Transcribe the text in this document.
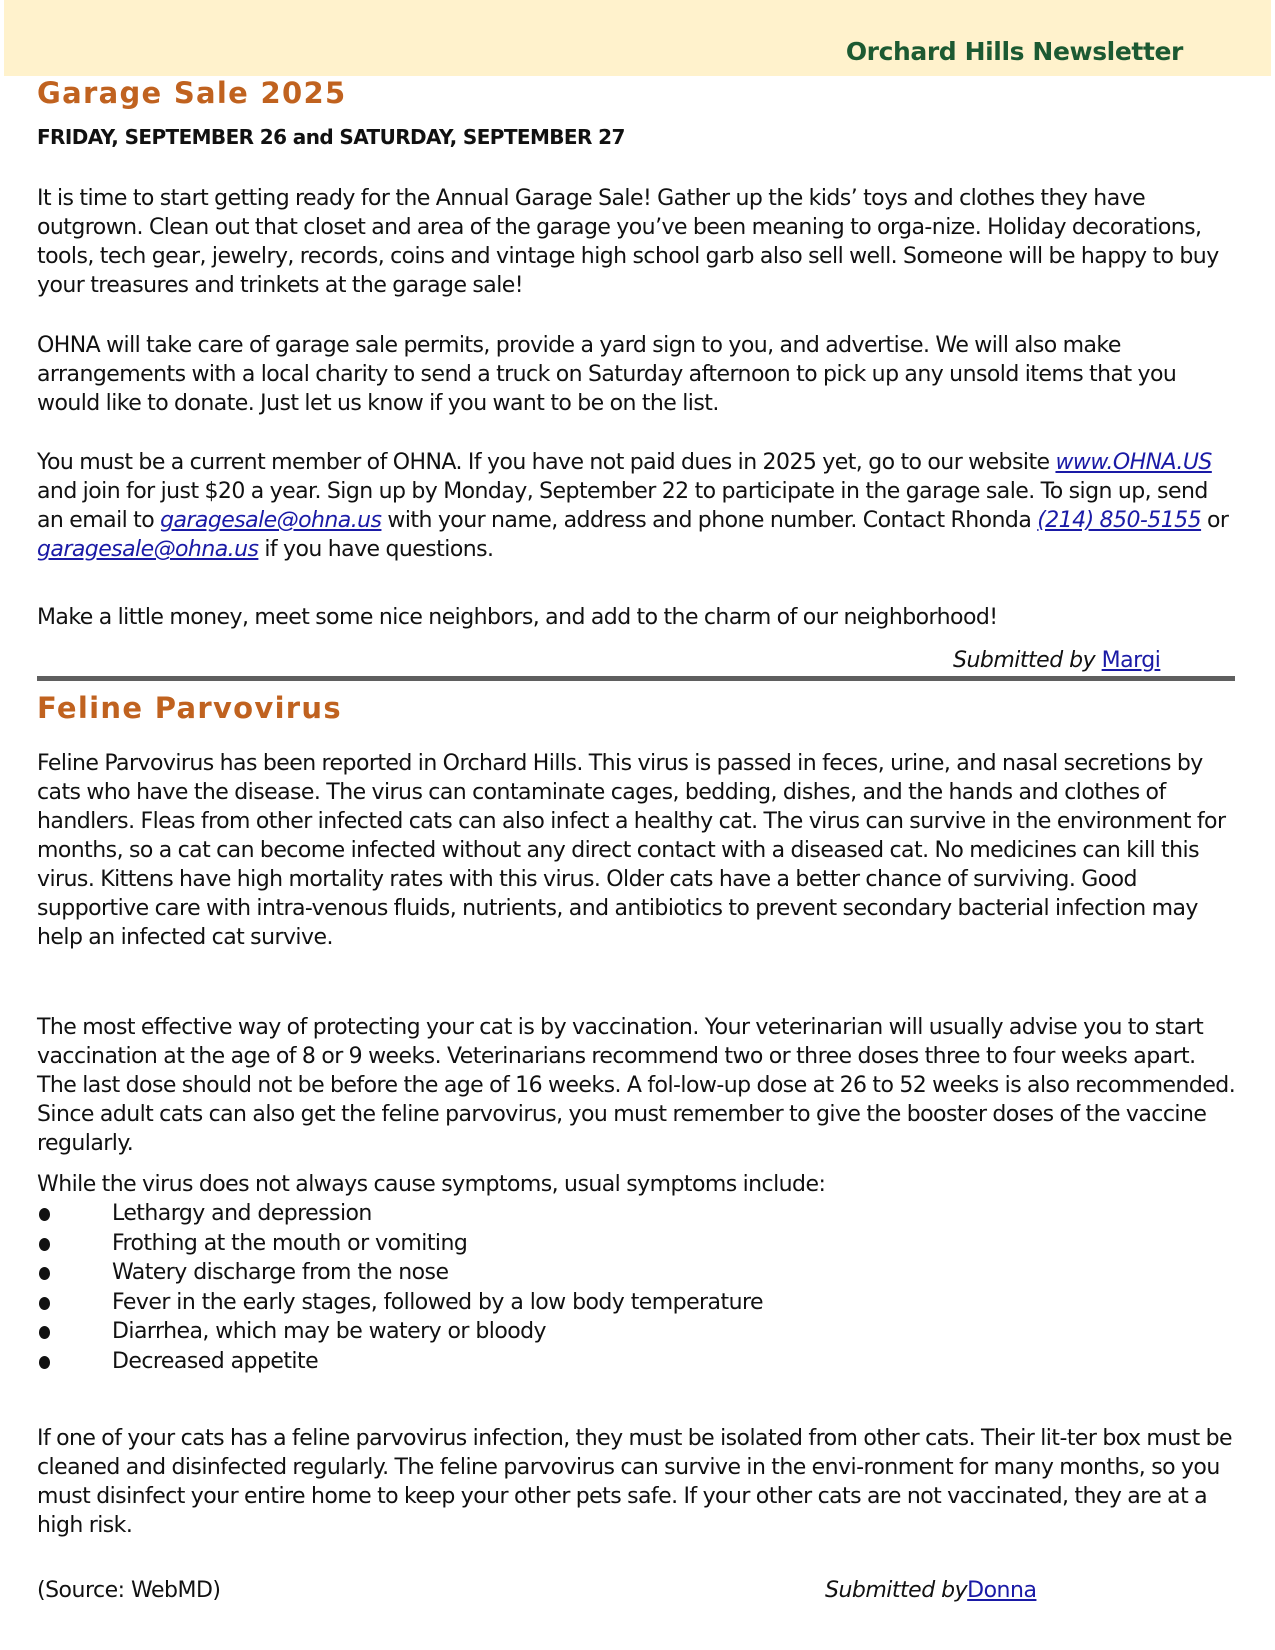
Orchard Hills Newsletter
Garage Sale 2025
FRIDAY, SEPTEMBER 26 and SATURDAY, SEPTEMBER 27

It is time to start getting ready for the Annual Garage Sale! Gather up the kids’ toys and clothes they have outgrown. Clean out that closet and area of the garage you’ve been meaning to orga-nize. Holiday decorations, tools, tech gear, jewelry, records, coins and vintage high school garb also sell well. Someone will be happy to buy your treasures and trinkets at the garage sale!

OHNA will take care of garage sale permits, provide a yard sign to you, and advertise. We will also make arrangements with a local charity to send a truck on Saturday afternoon to pick up any unsold items that you would like to donate. Just let us know if you want to be on the list.

You must be a current member of OHNA. If you have not paid dues in 2025 yet, go to our website www.OHNA.US and join for just $20 a year. Sign up by Monday, September 22 to participate in the garage sale. To sign up, send an email to garagesale@ohna.us with your name, address and phone number. Contact Rhonda (214) 850-5155 or garagesale@ohna.us if you have questions.

Make a little money, meet some nice neighbors, and add to the charm of our neighborhood!

Submitted by Margi
Feline Parvovirus

Feline Parvovirus has been reported in Orchard Hills. This virus is passed in feces, urine, and nasal secretions by cats who have the disease. The virus can contaminate cages, bedding, dishes, and the hands and clothes of handlers. Fleas from other infected cats can also infect a healthy cat. The virus can survive in the environment for months, so a cat can become infected without any direct contact with a diseased cat. No medicines can kill this virus. Kittens have high mortality rates with this virus. Older cats have a better chance of surviving. Good supportive care with intra-venous fluids, nutrients, and antibiotics to prevent secondary bacterial infection may help an infected cat survive.

The most effective way of protecting your cat is by vaccination. Your veterinarian will usually advise you to start vaccination at the age of 8 or 9 weeks. Veterinarians recommend two or three doses three to four weeks apart. The last dose should not be before the age of 16 weeks. A fol-low-up dose at 26 to 52 weeks is also recommended. Since adult cats can also get the feline parvovirus, you must remember to give the booster doses of the vaccine regularly.

While the virus does not always cause symptoms, usual symptoms include:

Lethargy and depression
Frothing at the mouth or vomiting
Watery discharge from the nose
Fever in the early stages, followed by a low body temperature
Diarrhea, which may be watery or bloody
Decreased appetite

If one of your cats has a feline parvovirus infection, they must be isolated from other cats. Their lit-ter box must be cleaned and disinfected regularly. The feline parvovirus can survive in the envi-ronment for many months, so you must disinfect your entire home to keep your other pets safe. If your other cats are not vaccinated, they are at a high risk.

(Source: WebMD)	Submitted byDonna
